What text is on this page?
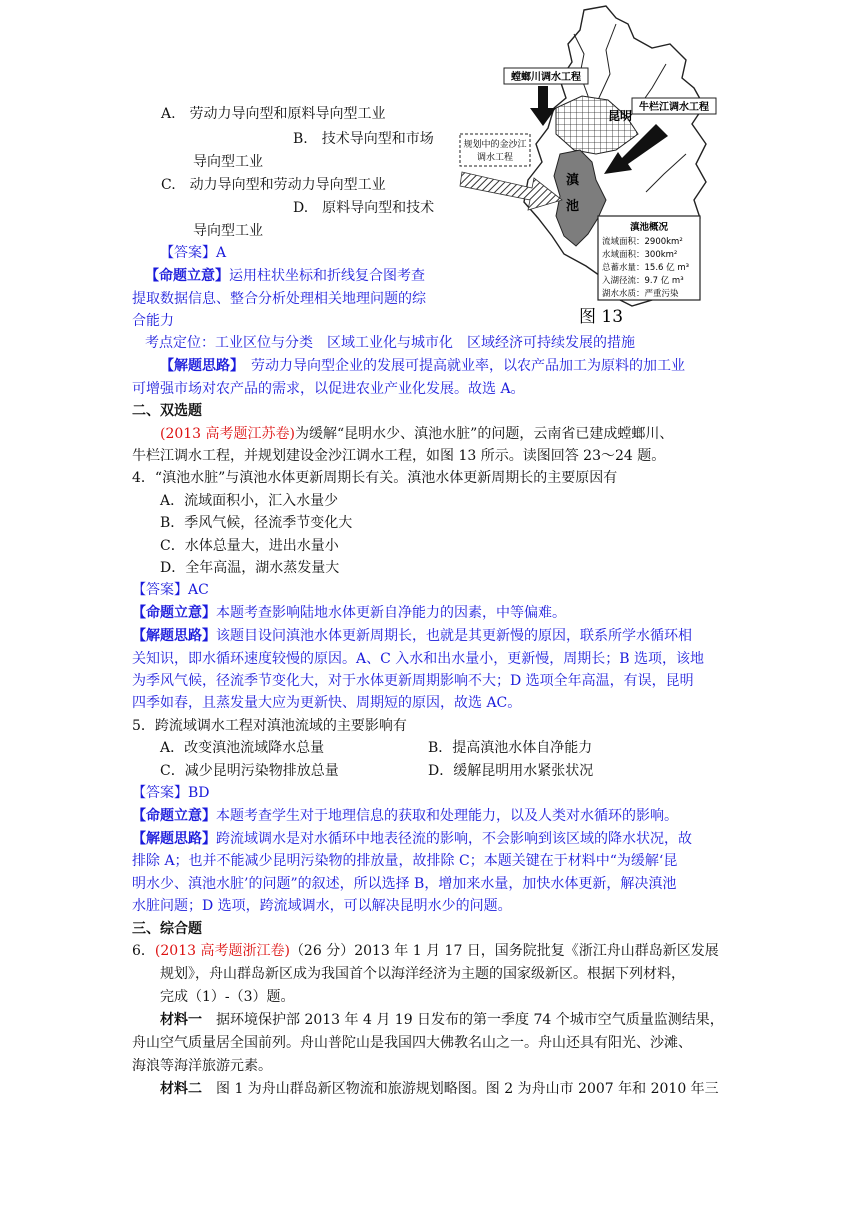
螳螂川调水工程
昆明
牛栏江调水工程
规划中的金沙江
调水工程
滇
池
滇池概况
流域面积：2900km²
水域面积：300km²
总蓄水量：15.6 亿 m³
入湖径流：9.7 亿 m³
湖水水质：严重污染
图 13
A.　劳动力导向型和原料导向型工业
B.　技术导向型和市场
导向型工业
C.　动力导向型和劳动力导向型工业
D.　原料导向型和技术
导向型工业
【答案】A
【命题立意】运用柱状坐标和折线复合图考查
提取数据信息、整合分析处理相关地理问题的综
合能力
考点定位：工业区位与分类　区域工业化与城市化　区域经济可持续发展的措施
【解题思路】　劳动力导向型企业的发展可提高就业率，以农产品加工为原料的加工业
可增强市场对农产品的需求，以促进农业产业化发展。故选 A。
二、双选题
(2013 高考题江苏卷)为缓解“昆明水少、滇池水脏”的问题，云南省已建成螳螂川、
牛栏江调水工程，并规划建设金沙江调水工程，如图 13 所示。读图回答 23～24 题。
4．“滇池水脏”与滇池水体更新周期长有关。滇池水体更新周期长的主要原因有
A．流域面积小，汇入水量少
B．季风气候，径流季节变化大
C．水体总量大，进出水量小
D．全年高温，湖水蒸发量大
【答案】AC
【命题立意】本题考查影响陆地水体更新自净能力的因素，中等偏难。
【解题思路】该题目设问滇池水体更新周期长，也就是其更新慢的原因，联系所学水循环相
关知识，即水循环速度较慢的原因。A、C 入水和出水量小，更新慢，周期长；B 选项，该地
为季风气候，径流季节变化大，对于水体更新周期影响不大；D 选项全年高温，有误，昆明
四季如春，且蒸发量大应为更新快、周期短的原因，故选 AC。
5．跨流域调水工程对滇池流域的主要影响有
A．改变滇池流域降水总量	B．提高滇池水体自净能力
C．减少昆明污染物排放总量	D．缓解昆明用水紧张状况
【答案】BD
【命题立意】本题考查学生对于地理信息的获取和处理能力，以及人类对水循环的影响。
【解题思路】跨流域调水是对水循环中地表径流的影响，不会影响到该区域的降水状况，故
排除 A；也并不能减少昆明污染物的排放量，故排除 C；本题关键在于材料中“为缓解‘昆
明水少、滇池水脏’的问题”的叙述，所以选择 B，增加来水量，加快水体更新，解决滇池
水脏问题；D 选项，跨流域调水，可以解决昆明水少的问题。
三、综合题
6．(2013 高考题浙江卷)（26 分）2013 年 1 月 17 日，国务院批复《浙江舟山群岛新区发展
规划》，舟山群岛新区成为我国首个以海洋经济为主题的国家级新区。根据下列材料，
完成（1）-（3）题。
材料一　据环境保护部 2013 年 4 月 19 日发布的第一季度 74 个城市空气质量监测结果，
舟山空气质量居全国前列。舟山普陀山是我国四大佛教名山之一。舟山还具有阳光、沙滩、
海浪等海洋旅游元素。
材料二　图 1 为舟山群岛新区物流和旅游规划略图。图 2 为舟山市 2007 年和 2010 年三
